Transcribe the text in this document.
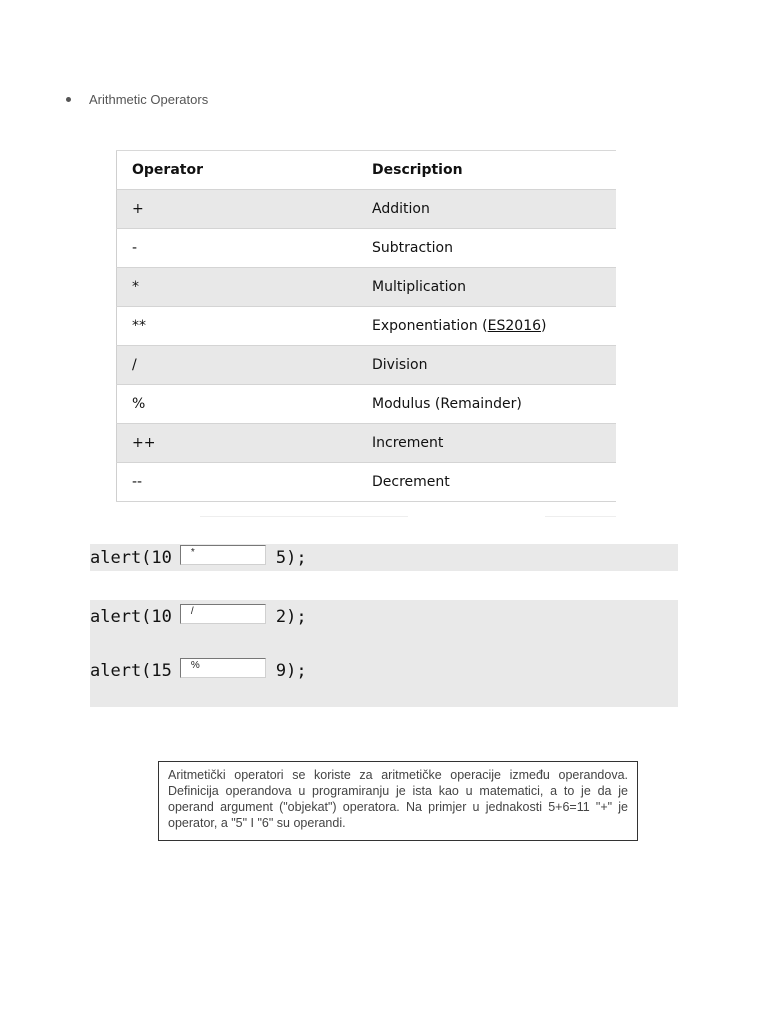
Arithmetic Operators
Operator	Description
+	Addition
-	Subtraction
*	Multiplication
**	Exponentiation (ES2016)
/	Division
%	Modulus (Remainder)
++	Increment
--	Decrement
alert(10	*	5);
alert(10	/	2);
alert(15	%	9);
Aritmetički operatori se koriste za aritmetičke operacije između operandova. Definicija operandova u programiranju je ista kao u matematici, a to je da je operand argument ("objekat") operatora. Na primjer u jednakosti 5+6=11 "+" je operator, a "5" I "6" su operandi.
